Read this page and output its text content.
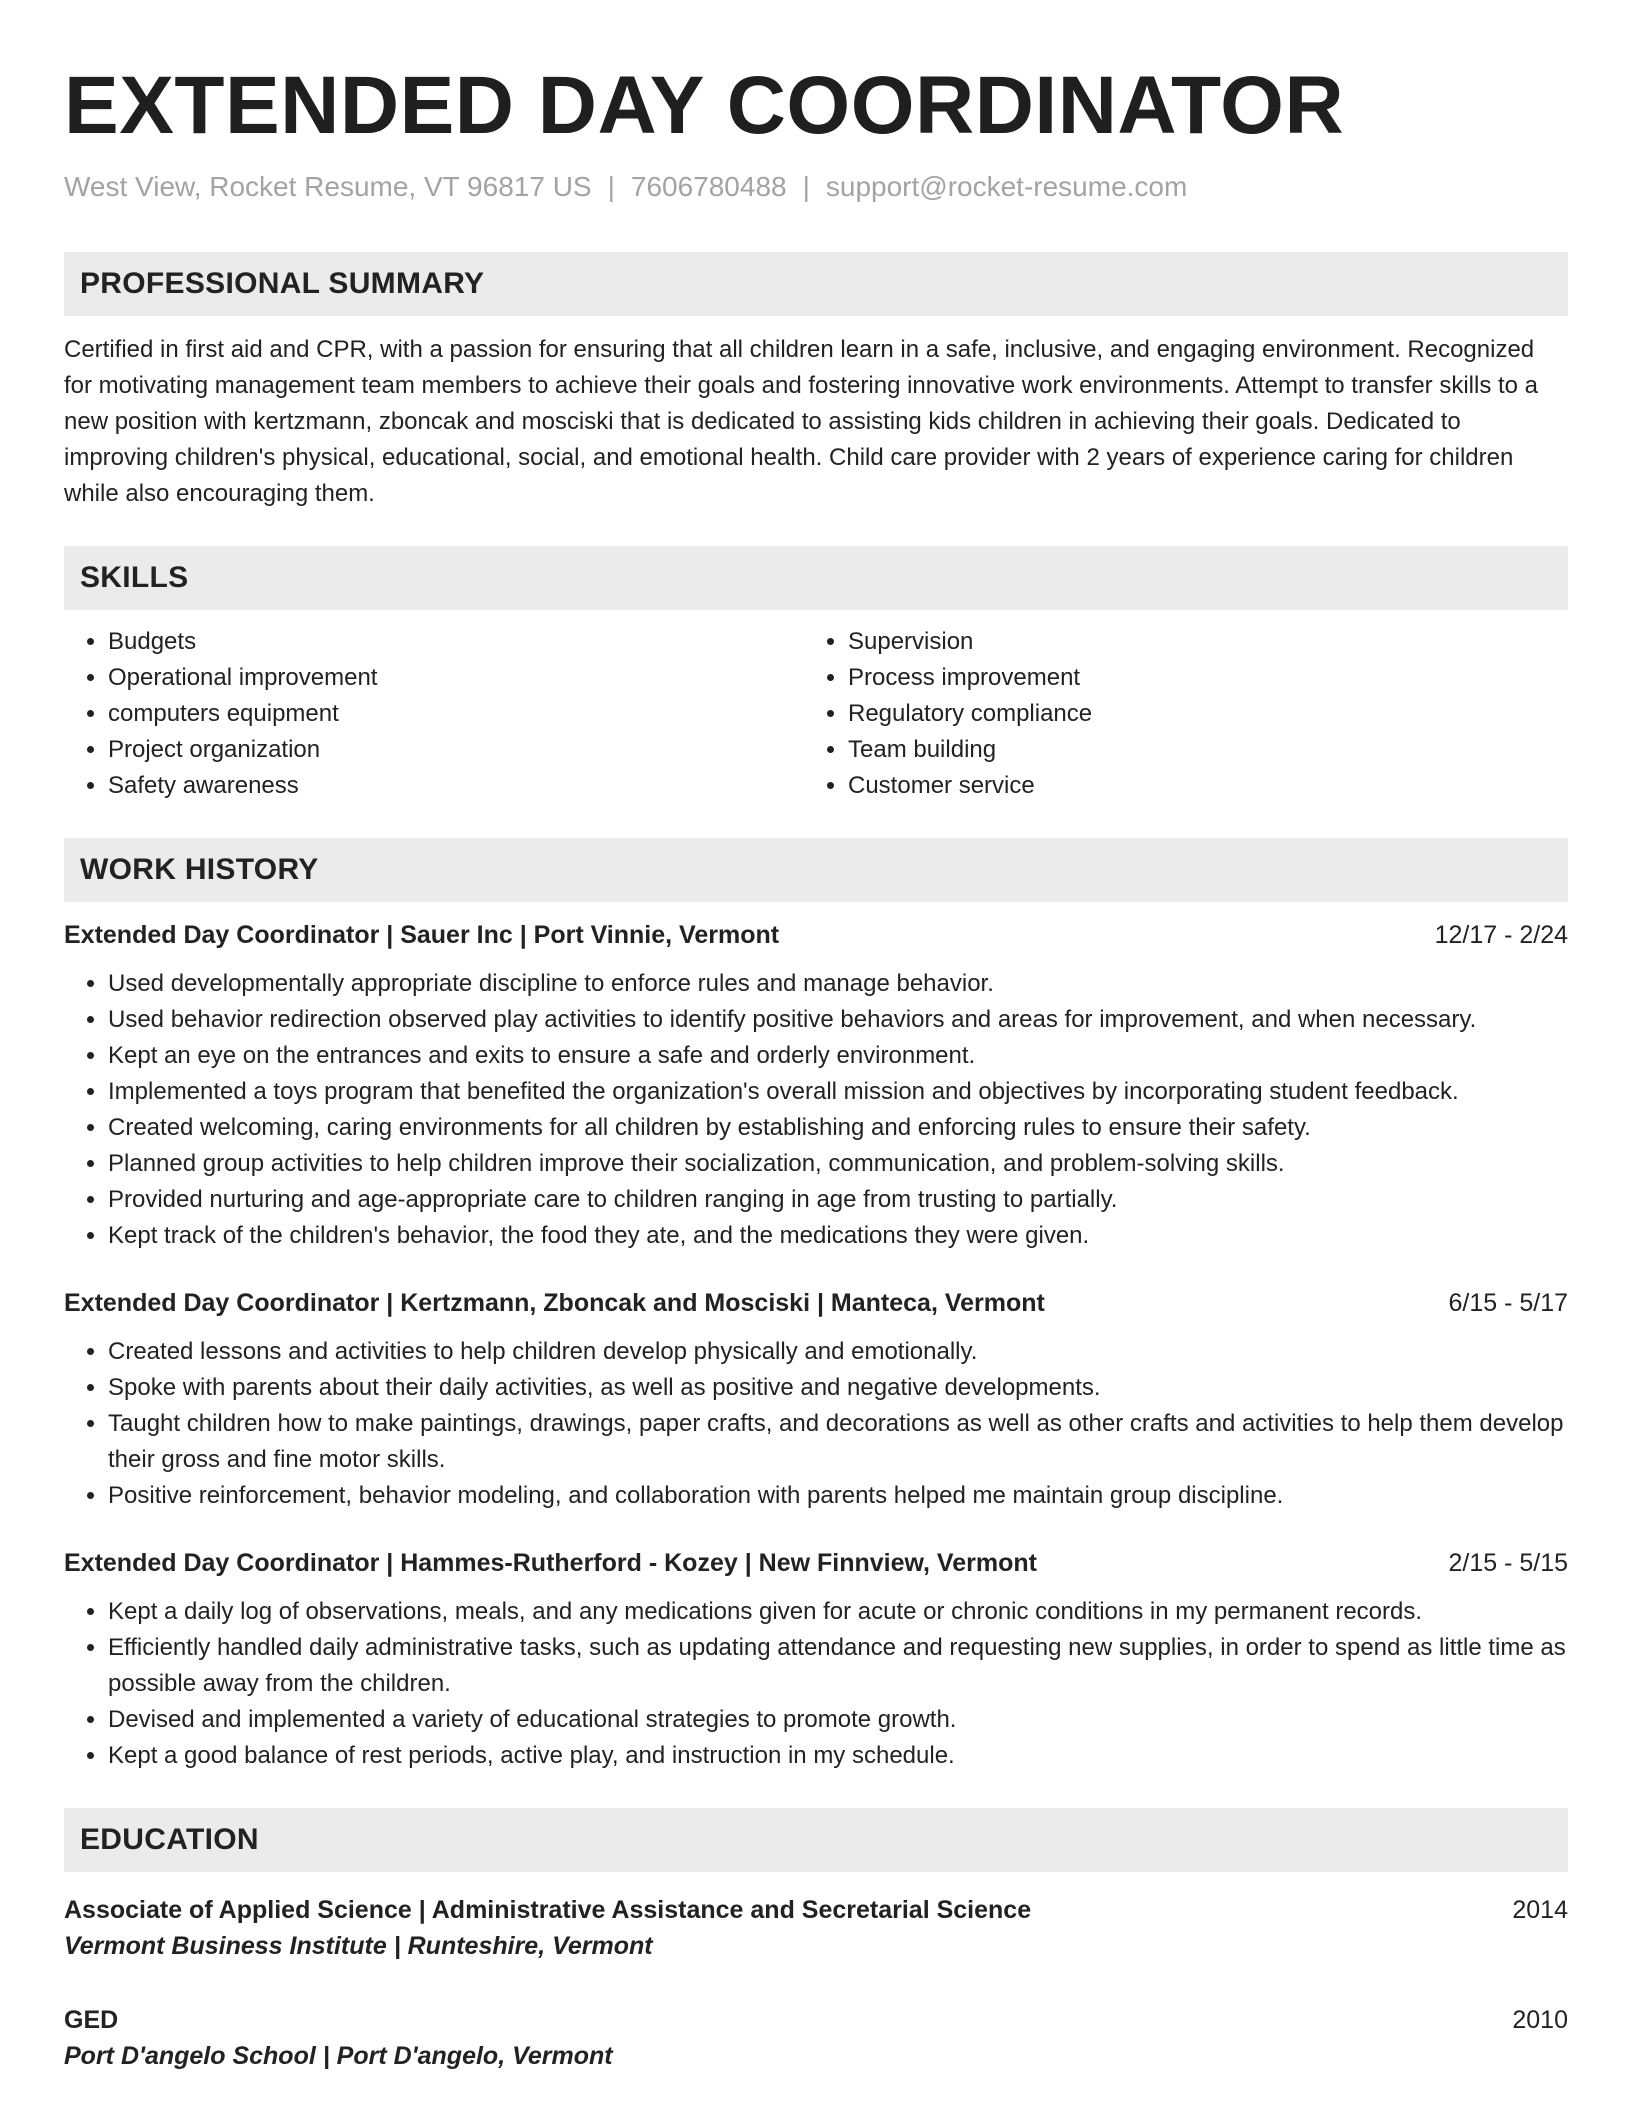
EXTENDED DAY COORDINATOR
West View, Rocket Resume, VT 96817 US | 7606780488 | support@rocket-resume.com
PROFESSIONAL SUMMARY
Certified in first aid and CPR, with a passion for ensuring that all children learn in a safe, inclusive, and engaging environment. Recognized for motivating management team members to achieve their goals and fostering innovative work environments. Attempt to transfer skills to a new position with kertzmann, zboncak and mosciski that is dedicated to assisting kids children in achieving their goals. Dedicated to improving children's physical, educational, social, and emotional health. Child care provider with 2 years of experience caring for children while also encouraging them.
SKILLS
• Budgets
• Operational improvement
• computers equipment
• Project organization
• Safety awareness
• Supervision
• Process improvement
• Regulatory compliance
• Team building
• Customer service
WORK HISTORY
Extended Day Coordinator | Sauer Inc | Port Vinnie, Vermont	12/17 - 2/24
• Used developmentally appropriate discipline to enforce rules and manage behavior.
• Used behavior redirection observed play activities to identify positive behaviors and areas for improvement, and when necessary.
• Kept an eye on the entrances and exits to ensure a safe and orderly environment.
• Implemented a toys program that benefited the organization's overall mission and objectives by incorporating student feedback.
• Created welcoming, caring environments for all children by establishing and enforcing rules to ensure their safety.
• Planned group activities to help children improve their socialization, communication, and problem-solving skills.
• Provided nurturing and age-appropriate care to children ranging in age from trusting to partially.
• Kept track of the children's behavior, the food they ate, and the medications they were given.
Extended Day Coordinator | Kertzmann, Zboncak and Mosciski | Manteca, Vermont	6/15 - 5/17
• Created lessons and activities to help children develop physically and emotionally.
• Spoke with parents about their daily activities, as well as positive and negative developments.
• Taught children how to make paintings, drawings, paper crafts, and decorations as well as other crafts and activities to help them develop their gross and fine motor skills.
• Positive reinforcement, behavior modeling, and collaboration with parents helped me maintain group discipline.
Extended Day Coordinator | Hammes-Rutherford - Kozey | New Finnview, Vermont	2/15 - 5/15
• Kept a daily log of observations, meals, and any medications given for acute or chronic conditions in my permanent records.
• Efficiently handled daily administrative tasks, such as updating attendance and requesting new supplies, in order to spend as little time as possible away from the children.
• Devised and implemented a variety of educational strategies to promote growth.
• Kept a good balance of rest periods, active play, and instruction in my schedule.
EDUCATION
Associate of Applied Science | Administrative Assistance and Secretarial Science	2014
Vermont Business Institute | Runteshire, Vermont
GED	2010
Port D'angelo School | Port D'angelo, Vermont
